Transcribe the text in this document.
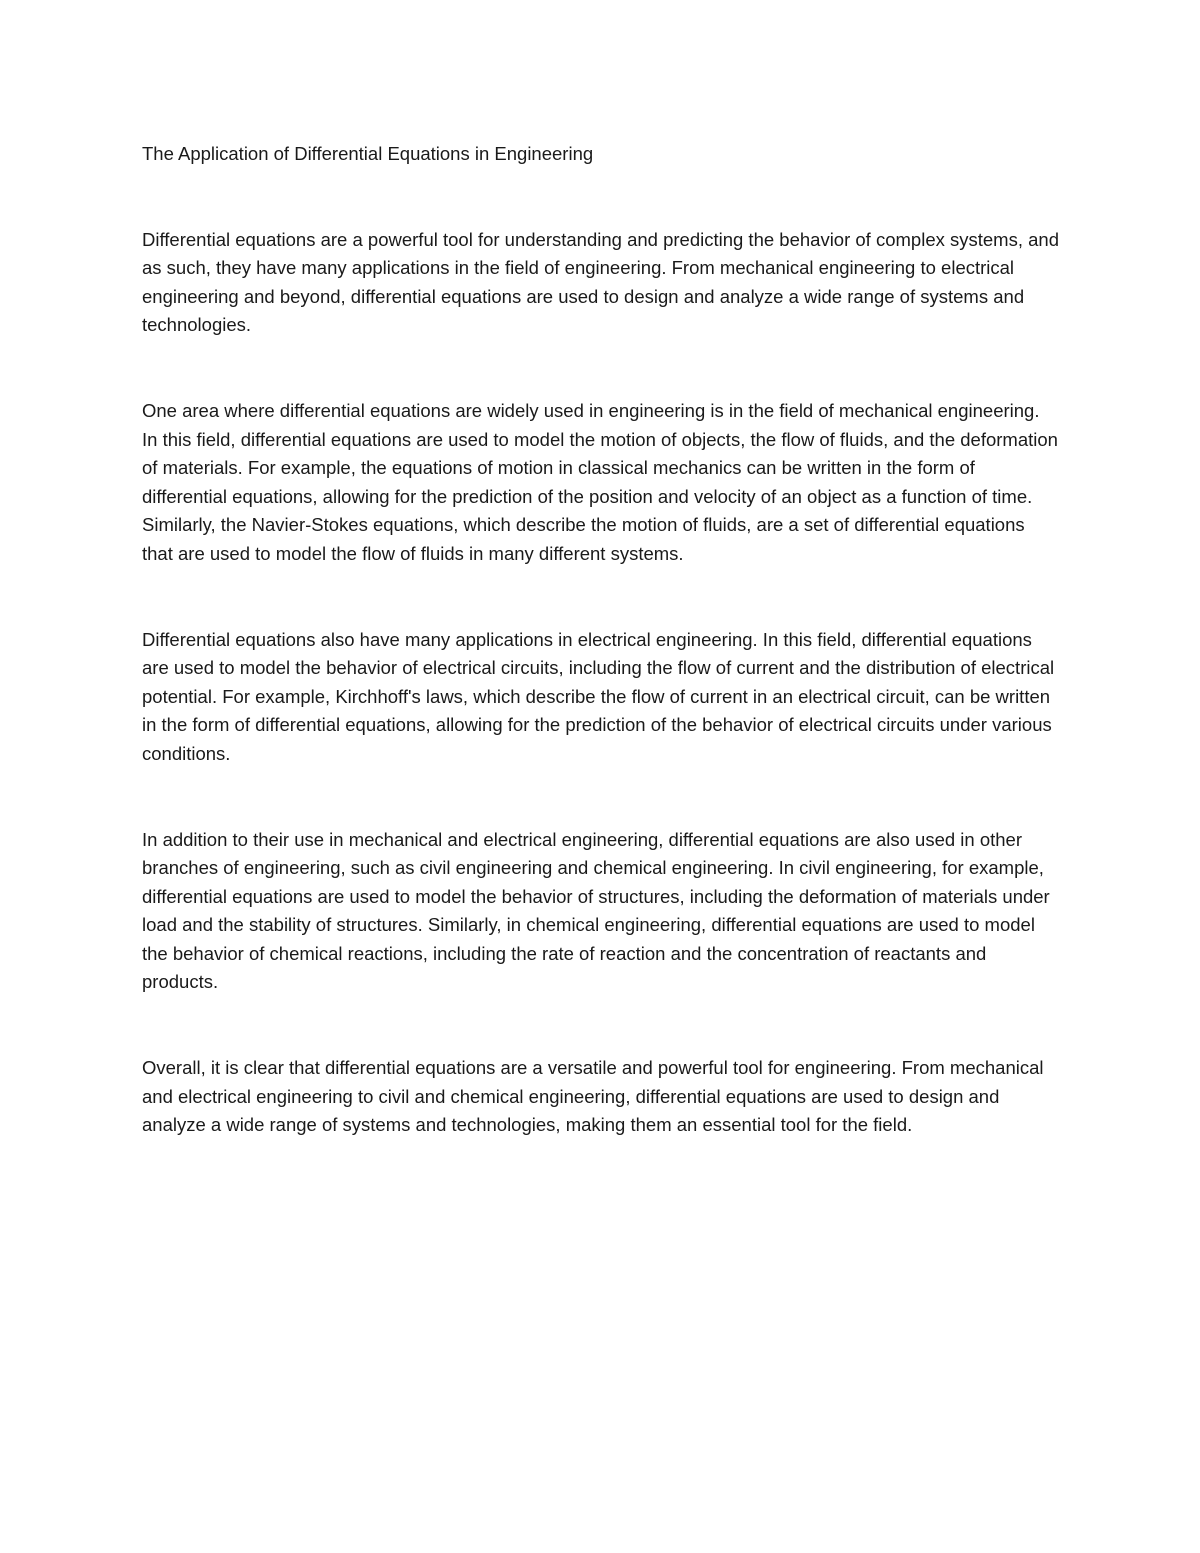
The Application of Differential Equations in Engineering
Differential equations are a powerful tool for understanding and predicting the behavior of complex systems, and as such, they have many applications in the field of engineering. From mechanical engineering to electrical engineering and beyond, differential equations are used to design and analyze a wide range of systems and technologies.
One area where differential equations are widely used in engineering is in the field of mechanical engineering. In this field, differential equations are used to model the motion of objects, the flow of fluids, and the deformation of materials. For example, the equations of motion in classical mechanics can be written in the form of differential equations, allowing for the prediction of the position and velocity of an object as a function of time. Similarly, the Navier-Stokes equations, which describe the motion of fluids, are a set of differential equations that are used to model the flow of fluids in many different systems.
Differential equations also have many applications in electrical engineering. In this field, differential equations are used to model the behavior of electrical circuits, including the flow of current and the distribution of electrical potential. For example, Kirchhoff's laws, which describe the flow of current in an electrical circuit, can be written in the form of differential equations, allowing for the prediction of the behavior of electrical circuits under various conditions.
In addition to their use in mechanical and electrical engineering, differential equations are also used in other branches of engineering, such as civil engineering and chemical engineering. In civil engineering, for example, differential equations are used to model the behavior of structures, including the deformation of materials under load and the stability of structures. Similarly, in chemical engineering, differential equations are used to model the behavior of chemical reactions, including the rate of reaction and the concentration of reactants and products.
Overall, it is clear that differential equations are a versatile and powerful tool for engineering. From mechanical and electrical engineering to civil and chemical engineering, differential equations are used to design and analyze a wide range of systems and technologies, making them an essential tool for the field.
